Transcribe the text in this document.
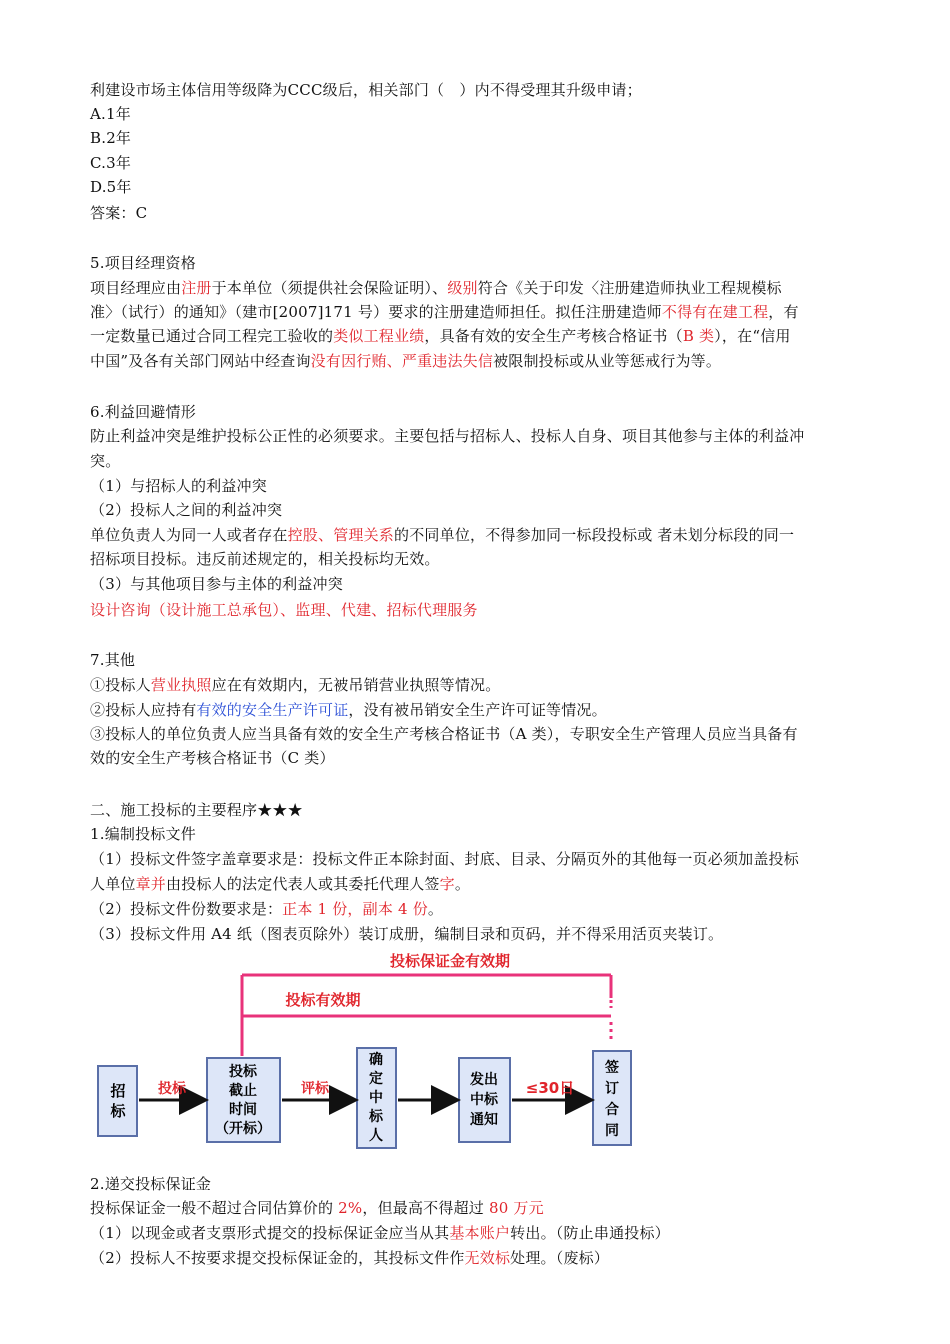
利建设市场主体信用等级降为CCC级后，相关部门（　）内不得受理其升级申请；
A.1年
B.2年
C.3年
D.5年
答案：C
5.项目经理资格
项目经理应由注册于本单位（须提供社会保险证明）、级别符合《关于印发〈注册建造师执业工程规模标
准〉（试行）的通知》（建市[2007]171 号）要求的注册建造师担任。拟任注册建造师不得有在建工程，有
一定数量已通过合同工程完工验收的类似工程业绩，具备有效的安全生产考核合格证书（B 类），在“信用
中国”及各有关部门网站中经查询没有因行贿、严重违法失信被限制投标或从业等惩戒行为等。
6.利益回避情形
防止利益冲突是维护投标公正性的必须要求。主要包括与招标人、投标人自身、项目其他参与主体的利益冲
突。
（1）与招标人的利益冲突
（2）投标人之间的利益冲突
单位负责人为同一人或者存在控股、管理关系的不同单位，不得参加同一标段投标或 者未划分标段的同一
招标项目投标。违反前述规定的，相关投标均无效。
（3）与其他项目参与主体的利益冲突
设计咨询（设计施工总承包）、监理、代建、招标代理服务
7.其他
①投标人营业执照应在有效期内，无被吊销营业执照等情况。
②投标人应持有有效的安全生产许可证，没有被吊销安全生产许可证等情况。
③投标人的单位负责人应当具备有效的安全生产考核合格证书（A 类），专职安全生产管理人员应当具备有
效的安全生产考核合格证书（C 类）
二、施工投标的主要程序★★★
1.编制投标文件
（1）投标文件签字盖章要求是：投标文件正本除封面、封底、目录、分隔页外的其他每一页必须加盖投标
人单位章并由投标人的法定代表人或其委托代理人签字。
（2）投标文件份数要求是：正本 1 份，副本 4 份。
（3）投标文件用 A4 纸（图表页除外）装订成册，编制目录和页码，并不得采用活页夹装订。
投标保证金有效期
投标有效期
招
标
投标
截止
时间
（开标）
确
定
中
标
人
发出
中标
通知
签
订
合
同
投标	评标	≤30日
2.递交投标保证金
投标保证金一般不超过合同估算价的 2%，但最高不得超过 80 万元
（1）以现金或者支票形式提交的投标保证金应当从其基本账户转出。（防止串通投标）
（2）投标人不按要求提交投标保证金的，其投标文件作无效标处理。（废标）
